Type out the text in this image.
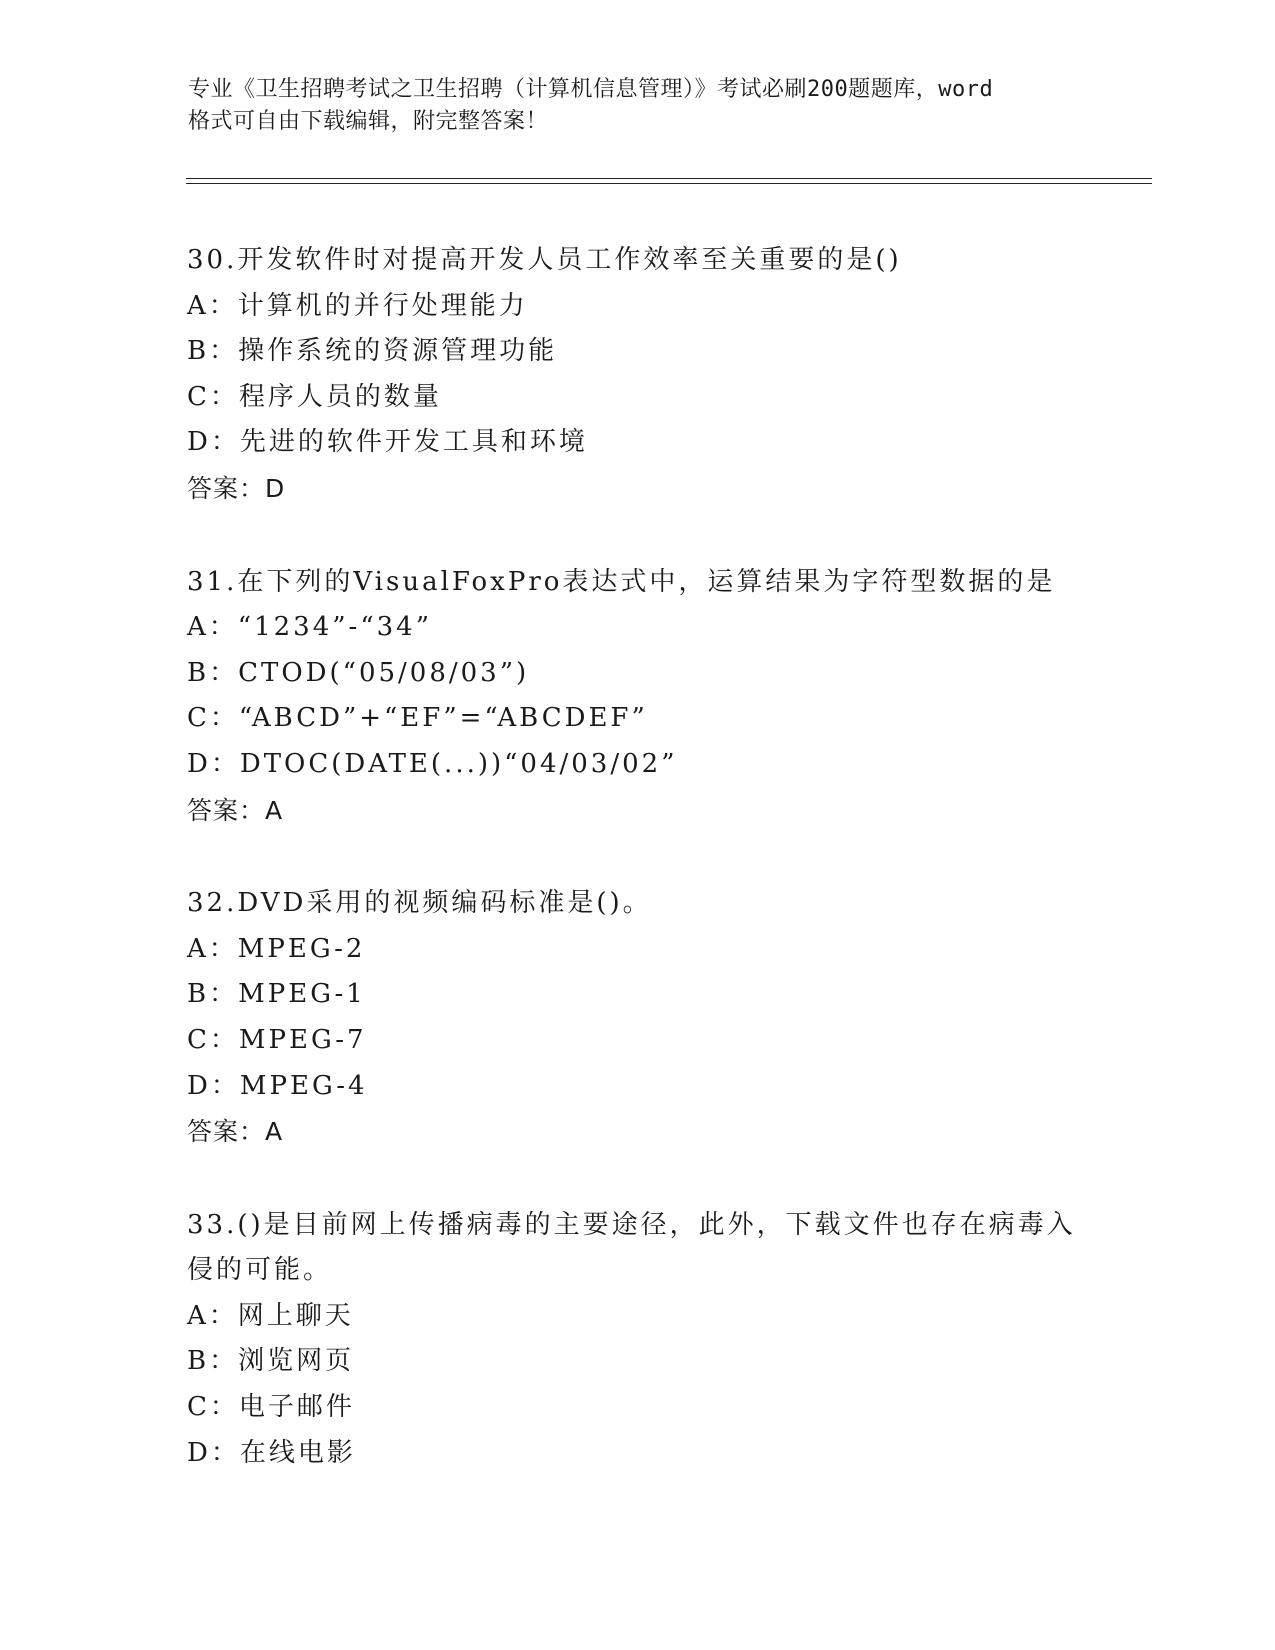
专业《卫生招聘考试之卫生招聘（计算机信息管理）》考试必刷200题题库，word
格式可自由下载编辑，附完整答案！
30.开发软件时对提高开发人员工作效率至关重要的是()
A：计算机的并行处理能力
B：操作系统的资源管理功能
C：程序人员的数量
D：先进的软件开发工具和环境
答案：D
31.在下列的VisualFoxPro表达式中，运算结果为字符型数据的是
A：“1234”-“34”
B：CTOD(“05/08/03”)
C：“ABCD”+“EF”=“ABCDEF”
D：DTOC(DATE(...))“04/03/02”
答案：A
32.DVD采用的视频编码标准是()。
A：MPEG-2
B：MPEG-1
C：MPEG-7
D：MPEG-4
答案：A
33.()是目前网上传播病毒的主要途径，此外，下载文件也存在病毒入
侵的可能。
A：网上聊天
B：浏览网页
C：电子邮件
D：在线电影
